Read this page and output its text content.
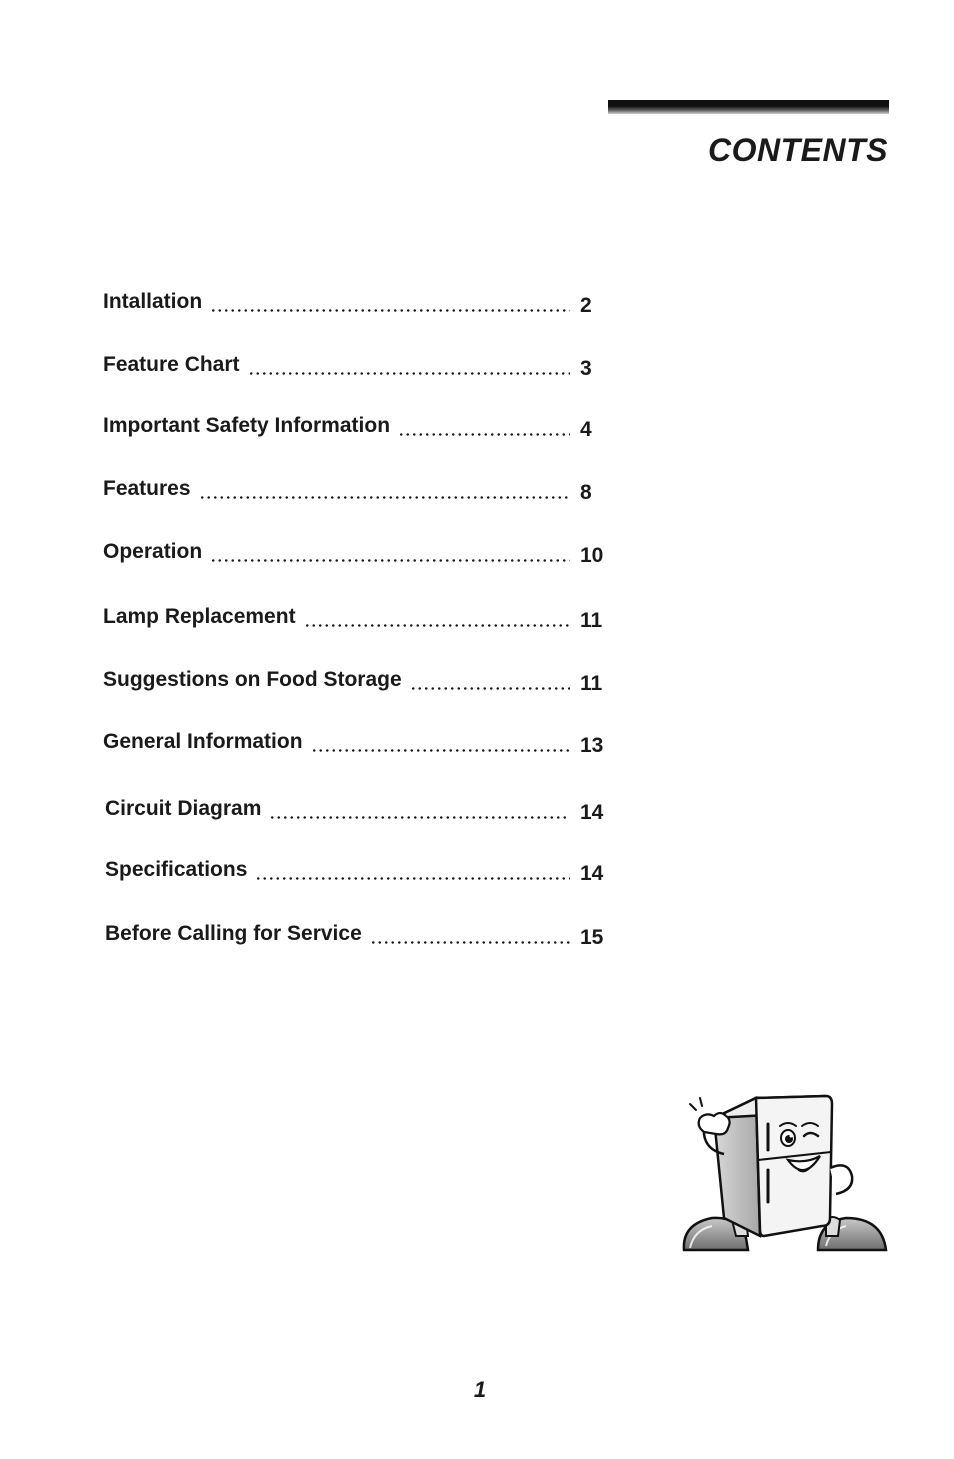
CONTENTS
Intallation	2
Feature Chart	3
Important Safety Information	4
Features	8
Operation	10
Lamp Replacement	11
Suggestions on Food Storage	11
General Information	13
Circuit Diagram	14
Specifications	14
Before Calling for Service	15
1
